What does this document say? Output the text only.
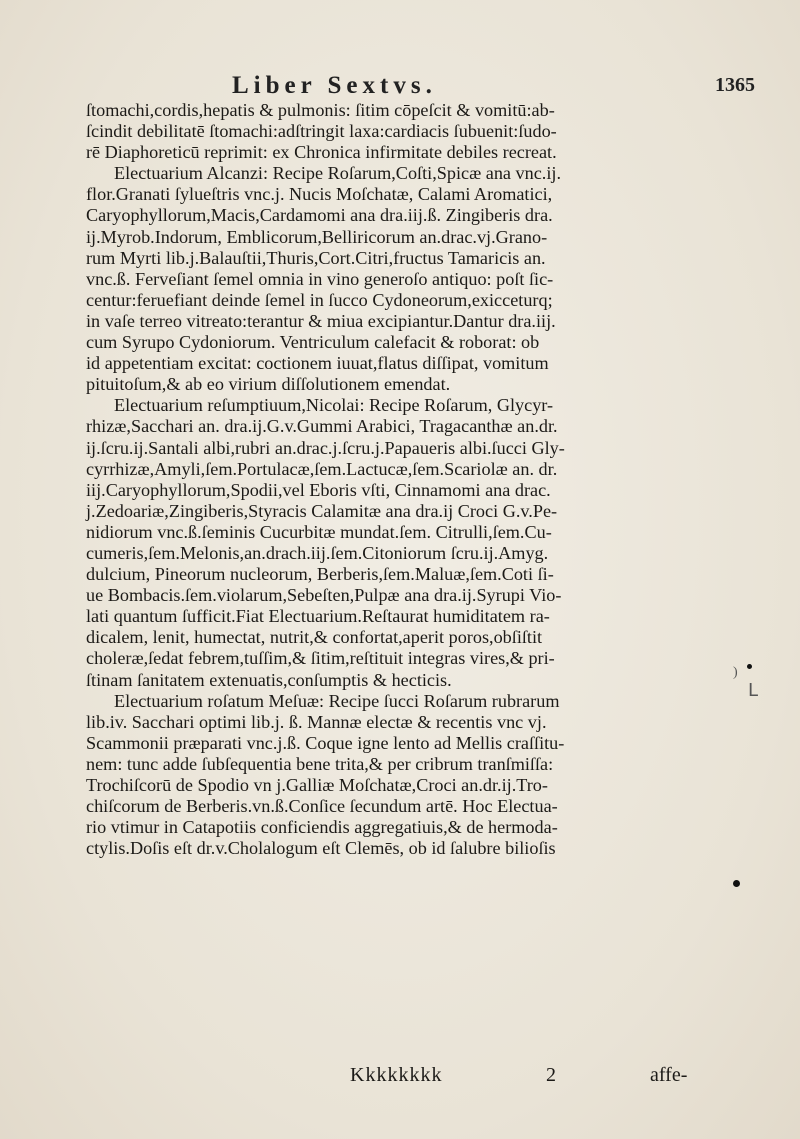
Liber Sextvs.	1365
ſtomachi,cordis,hepatis & pulmonis: ſitim cōpeſcit & vomitū:ab-
ſcindit debilitatē ſtomachi:adſtringit laxa:cardiacis ſubuenit:ſudo-
rē Diaphoreticū reprimit: ex Chronica infirmitate debiles recreat.
Electuarium Alcanzi: Recipe Roſarum,Coſti,Spicæ ana vnc.ij.
flor.Granati ſylueſtris vnc.j. Nucis Moſchatæ, Calami Aromatici,
Caryophyllorum,Macis,Cardamomi ana dra.iij.ß. Zingiberis dra.
ij.Myrob.Indorum, Emblicorum,Belliricorum an.drac.vj.Grano-
rum Myrti lib.j.Balauſtii,Thuris,Cort.Citri,fructus Tamaricis an.
vnc.ß. Ferveſiant ſemel omnia in vino generoſo antiquo: poſt ſic-
centur:feruefiant deinde ſemel in ſucco Cydoneorum,exicceturq;
in vaſe terreo vitreato:terantur & miua excipiantur.Dantur dra.iij.
cum Syrupo Cydoniorum. Ventriculum calefacit & roborat: ob
id appetentiam excitat: coctionem iuuat,flatus diſſipat, vomitum
pituitoſum,& ab eo virium diſſolutionem emendat.
Electuarium reſumptiuum,Nicolai: Recipe Roſarum, Glycyr-
rhizæ,Sacchari an. dra.ij.G.v.Gummi Arabici, Tragacanthæ an.dr.
ij.ſcru.ij.Santali albi,rubri an.drac.j.ſcru.j.Papaueris albi.ſucci Gly-
cyrrhizæ,Amyli,ſem.Portulacæ,ſem.Lactucæ,ſem.Scariolæ an. dr.
iij.Caryophyllorum,Spodii,vel Eboris vſti, Cinnamomi ana drac.
j.Zedoariæ,Zingiberis,Styracis Calamitæ ana dra.ij Croci G.v.Pe-
nidiorum vnc.ß.ſeminis Cucurbitæ mundat.ſem. Citrulli,ſem.Cu-
cumeris,ſem.Melonis,an.drach.iij.ſem.Citoniorum ſcru.ij.Amyg.
dulcium, Pineorum nucleorum, Berberis,ſem.Maluæ,ſem.Coti ſi-
ue Bombacis.ſem.violarum,Sebeſten,Pulpæ ana dra.ij.Syrupi Vio-
lati quantum ſufficit.Fiat Electuarium.Reſtaurat humiditatem ra-
dicalem, lenit, humectat, nutrit,& confortat,aperit poros,obſiſtit
choleræ,ſedat febrem,tuſſim,& ſitim,reſtituit integras vires,& pri-
ſtinam ſanitatem extenuatis,conſumptis & hecticis.
Electuarium roſatum Meſuæ: Recipe ſucci Roſarum rubrarum
lib.iv. Sacchari optimi lib.j. ß. Mannæ electæ & recentis vnc vj.
Scammonii præparati vnc.j.ß. Coque igne lento ad Mellis craſſitu-
nem: tunc adde ſubſequentia bene trita,& per cribrum tranſmiſſa:
Trochiſcorū de Spodio vn j.Galliæ Moſchatæ,Croci an.dr.ij.Tro-
chiſcorum de Berberis.vn.ß.Conſice ſecundum artē. Hoc Electua-
rio vtimur in Catapotiis conficiendis aggregatiuis,& de hermoda-
ctylis.Doſis eſt dr.v.Cholalogum eſt Clemēs, ob id ſalubre bilioſis
)
ᒪ
Kkkkkkkk	2	affe-
